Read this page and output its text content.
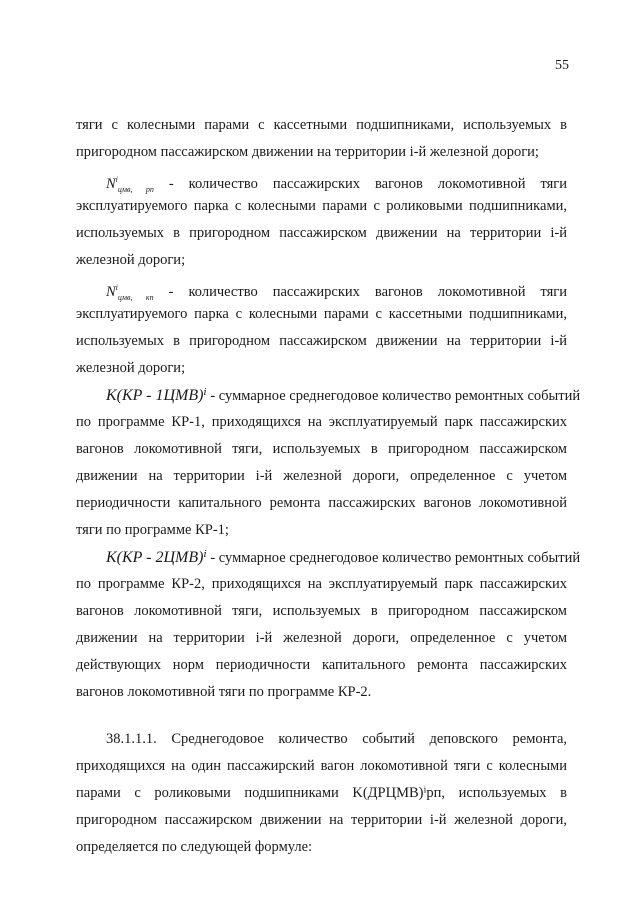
55
тяги с колесными парами с кассетными подшипниками, используемых в
пригородном пассажирском движении на территории i-й железной дороги;
$N^i_{цмв, рп}$ - количество пассажирских вагонов локомотивной тяги
эксплуатируемого парка с колесными парами с роликовыми подшипниками,
используемых в пригородном пассажирском движении на территории i-й
железной дороги;
$N^i_{цмв, кп}$ - количество пассажирских вагонов локомотивной тяги
эксплуатируемого парка с колесными парами с кассетными подшипниками,
используемых в пригородном пассажирском движении на территории i-й
железной дороги;
K(KP - 1ЦМВ)ⁱ - суммарное среднегодовое количество ремонтных событий
по программе КР-1, приходящихся на эксплуатируемый парк пассажирских
вагонов локомотивной тяги, используемых в пригородном пассажирском
движении на территории i-й железной дороги, определенное с учетом
периодичности капитального ремонта пассажирских вагонов локомотивной
тяги по программе КР-1;
K(KP - 2ЦМВ)ⁱ - суммарное среднегодовое количество ремонтных событий
по программе КР-2, приходящихся на эксплуатируемый парк пассажирских
вагонов локомотивной тяги, используемых в пригородном пассажирском
движении на территории i-й железной дороги, определенное с учетом
действующих норм периодичности капитального ремонта пассажирских
вагонов локомотивной тяги по программе КР-2.
38.1.1.1. Среднегодовое количество событий деповского ремонта,
приходящихся на один пассажирский вагон локомотивной тяги с колесными
парами с роликовыми подшипниками K(ДРЦМВ)ⁱрп, используемых в
пригородном пассажирском движении на территории i-й железной дороги,
определяется по следующей формуле:
